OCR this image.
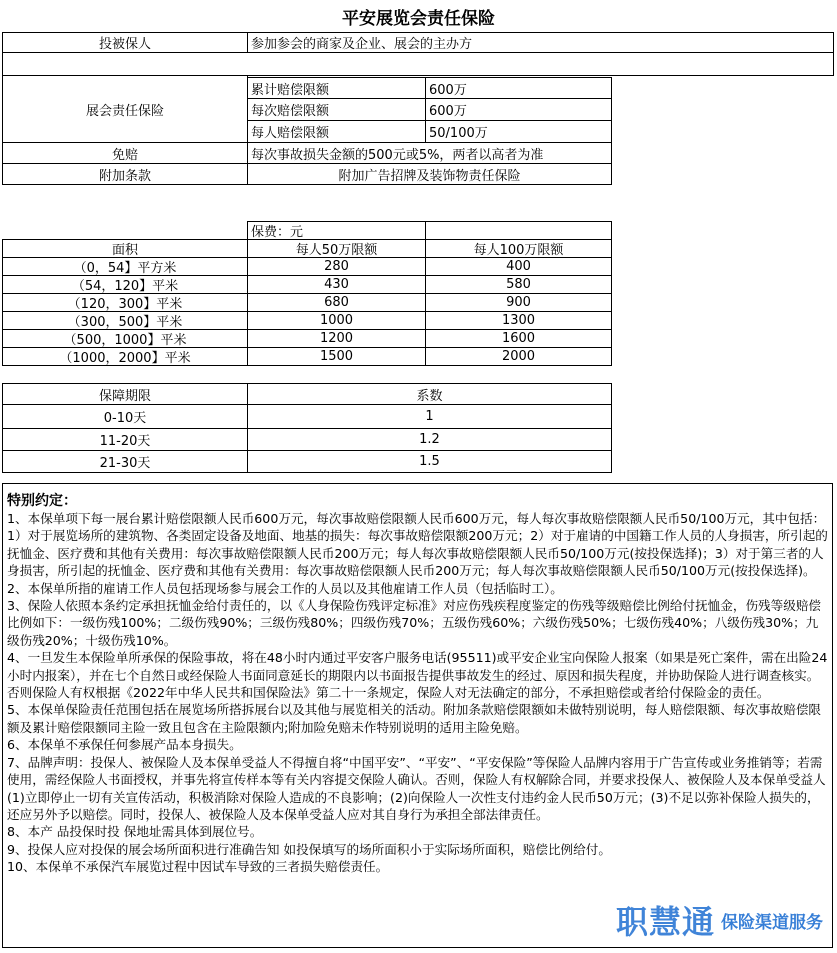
平安展览会责任保险
投被保人	参加参会的商家及企业、展会的主办方
展会责任保险
累计赔偿限额	600万
每次赔偿限额	600万
每人赔偿限额	50/100万
免赔	每次事故损失金额的500元或5%，两者以高者为准
附加条款	附加广告招牌及装饰物责任保险
保费：元
面积	每人50万限额	每人100万限额
（0，54】平方米	280	400
（54，120】平米	430	580
（120，300】平米	680	900
（300，500】平米	1000	1300
（500，1000】平米	1200	1600
（1000，2000】平米	1500	2000
保障期限	系数
0-10天	1
11-20天	1.2
21-30天	1.5
特别约定：

1、本保单项下每一展台累计赔偿限额人民币600万元，每次事故赔偿限额人民币600万元，每人每次事故赔偿限额人民币50/100万元，其中包括：1）对于展览场所的建筑物、各类固定设备及地面、地基的损失：每次事故赔偿限额200万元；2）对于雇请的中国籍工作人员的人身损害，所引起的抚恤金、医疗费和其他有关费用：每次事故赔偿限额人民币200万元；每人每次事故赔偿限额人民币50/100万元(按投保选择)；3）对于第三者的人身损害，所引起的抚恤金、医疗费和其他有关费用：每次事故赔偿限额人民币200万元；每人每次事故赔偿限额人民币50/100万元(按投保选择)。

2、本保单所指的雇请工作人员包括现场参与展会工作的人员以及其他雇请工作人员（包括临时工）。

3、保险人依照本条约定承担抚恤金给付责任的，以《人身保险伤残评定标准》对应伤残疾程度鉴定的伤残等级赔偿比例给付抚恤金，伤残等级赔偿比例如下：一级伤残100%；二级伤残90%；三级伤残80%；四级伤残70%；五级伤残60%；六级伤残50%；七级伤残40%；八级伤残30%；九级伤残20%；十级伤残10%。

4、一旦发生本保险单所承保的保险事故，将在48小时内通过平安客户服务电话(95511)或平安企业宝向保险人报案（如果是死亡案件，需在出险24小时内报案），并在七个自然日或经保险人书面同意延长的期限内以书面报告提供事故发生的经过、原因和损失程度，并协助保险人进行调查核实。否则保险人有权根据《2022年中华人民共和国保险法》第二十一条规定，保险人对无法确定的部分，不承担赔偿或者给付保险金的责任。

5、本保单保险责任范围包括在展览场所搭拆展台以及其他与展览相关的活动。附加条款赔偿限额如未做特别说明，每人赔偿限额、每次事故赔偿限额及累计赔偿限额同主险一致且包含在主险限额内;附加险免赔未作特别说明的适用主险免赔。

6、本保单不承保任何参展产品本身损失。

7、品牌声明：投保人、被保险人及本保单受益人不得擅自将“中国平安”、“平安”、“平安保险”等保险人品牌内容用于广告宣传或业务推销等；若需使用，需经保险人书面授权，并事先将宣传样本等有关内容提交保险人确认。否则，保险人有权解除合同，并要求投保人、被保险人及本保单受益人(1)立即停止一切有关宣传活动，积极消除对保险人造成的不良影响；(2)向保险人一次性支付违约金人民币50万元；(3)不足以弥补保险人损失的，还应另外予以赔偿。同时，投保人、被保险人及本保单受益人应对其自身行为承担全部法律责任。

8、本产 品投保时投 保地址需具体到展位号。

9、投保人应对投保的展会场所面积进行准确告知 如投保填写的场所面积小于实际场所面积，赔偿比例给付。

10、本保单不承保汽车展览过程中因试车导致的三者损失赔偿责任。

职慧通 保险渠道服务
